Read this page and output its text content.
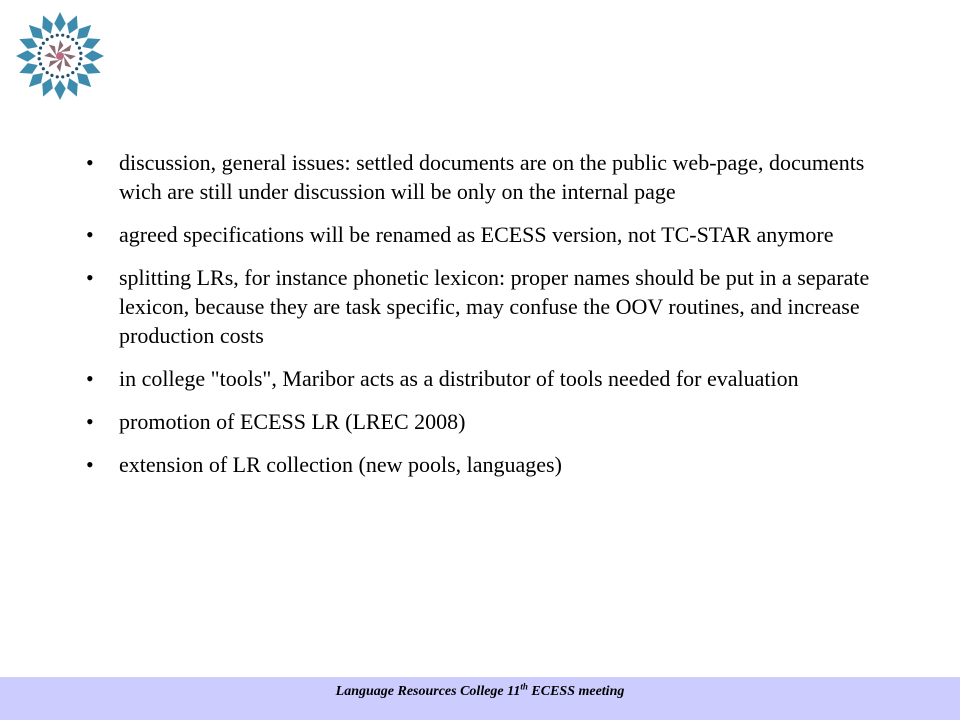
• discussion, general issues: settled documents are on the public web-page, documents wich are still under discussion will be only on the internal page
• agreed specifications will be renamed as ECESS version, not TC-STAR anymore
• splitting LRs, for instance phonetic lexicon: proper names should be put in a separate lexicon, because they are task specific, may confuse the OOV routines, and increase production costs
• in college "tools", Maribor acts as a distributor of tools needed for evaluation
• promotion of ECESS LR (LREC 2008)
• extension of LR collection (new pools, languages)
Language Resources College 11th ECESS meeting
